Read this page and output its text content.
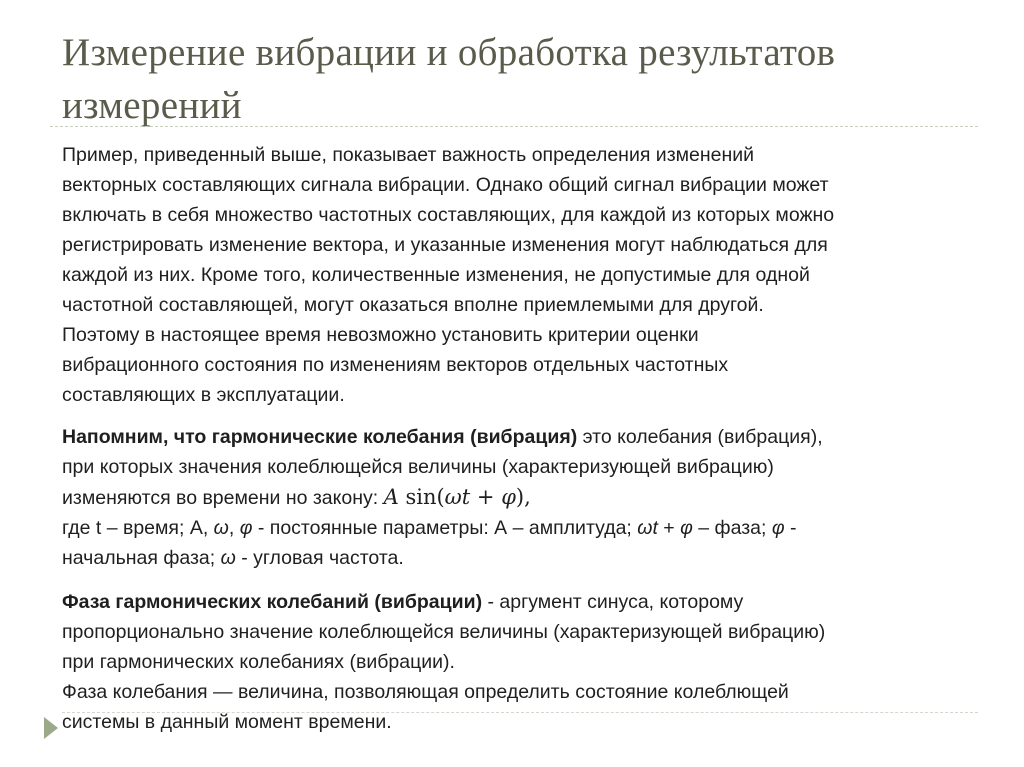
Измерение вибрации и обработка результатов
измерений

Пример, приведенный выше, показывает важность определения изменений
векторных составляющих сигнала вибрации. Однако общий сигнал вибрации может
включать в себя множество частотных составляющих, для каждой из которых можно
регистрировать изменение вектора, и указанные изменения могут наблюдаться для
каждой из них. Кроме того, количественные изменения, не допустимые для одной
частотной составляющей, могут оказаться вполне приемлемыми для другой.
Поэтому в настоящее время невозможно установить критерии оценки
вибрационного состояния по изменениям векторов отдельных частотных
составляющих в эксплуатации.

Напомним, что гармонические колебания (вибрация) это колебания (вибрация),
при которых значения колеблющейся величины (характеризующей вибрацию)
изменяются во времени но закону: A sin(ωt + φ),
где t – время; А, ω, φ - постоянные параметры: А – амплитуда; ωt + φ – фаза; φ -
начальная фаза; ω - угловая частота.

Фаза гармонических колебаний (вибрации) - аргумент синуса, которому
пропорционально значение колеблющейся величины (характеризующей вибрацию)
при гармонических колебаниях (вибрации).
Фаза колебания — величина, позволяющая определить состояние колеблющей
системы в данный момент времени.
